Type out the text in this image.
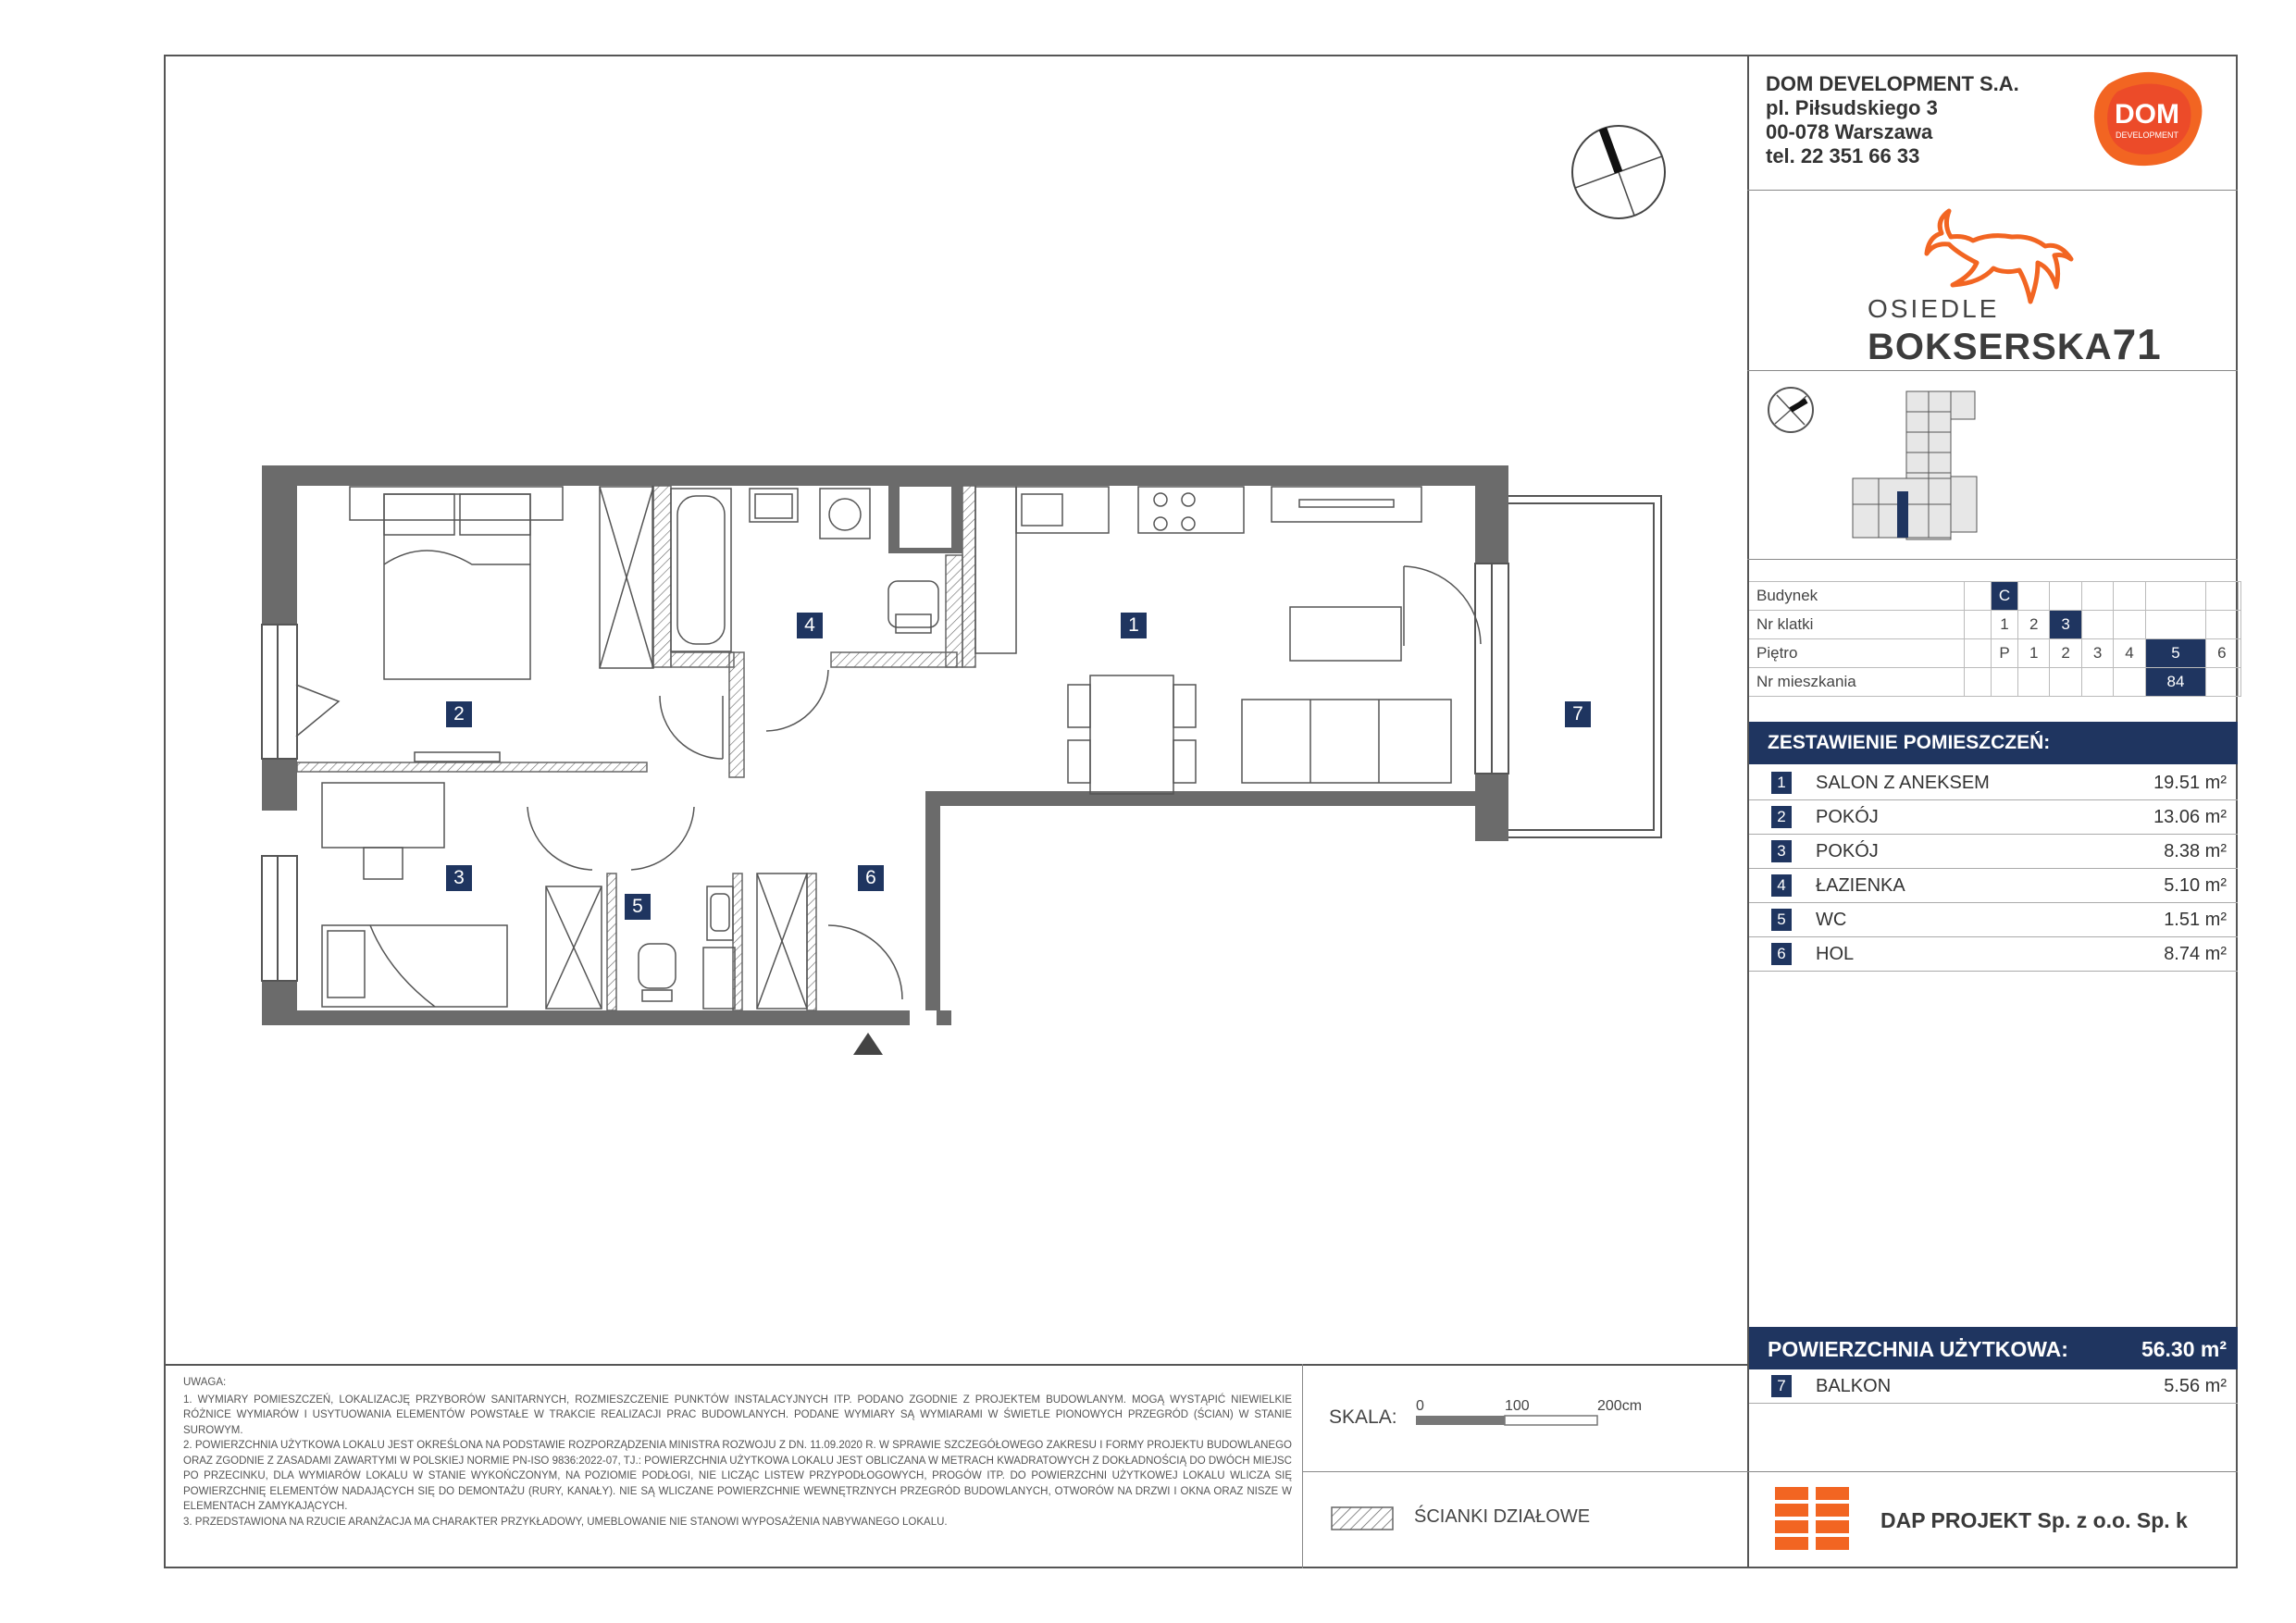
DOM DEVELOPMENT S.A.
pl. Piłsudskiego 3
00-078 Warszawa
tel. 22 351 66 33
DOM
DEVELOPMENT
OSIEDLE
BOKSERSKA71
Budynek		C							
Nr klatki		1	2	3					
Piętro		P	1	2	3	4	5	6	
Nr mieszkania							84		
ZESTAWIENIE POMIESZCZEŃ:
1	SALON Z ANEKSEM	19.51 m²
2	POKÓJ	13.06 m²
3	POKÓJ	8.38 m²
4	ŁAZIENKA	5.10 m²
5	WC	1.51 m²
6	HOL	8.74 m²
POWIERZCHNIA UŻYTKOWA:	56.30 m²
7	BALKON	5.56 m²
UWAGA:
1. WYMIARY POMIESZCZEŃ, LOKALIZACJĘ PRZYBORÓW SANITARNYCH, ROZMIESZCZENIE PUNKTÓW INSTALACYJNYCH ITP. PODANO ZGODNIE Z PROJEKTEM BUDOWLANYM. MOGĄ WYSTĄPIĆ NIEWIELKIE RÓŻNICE WYMIARÓW I USYTUOWANIA ELEMENTÓW POWSTAŁE W TRAKCIE REALIZACJI PRAC BUDOWLANYCH. PODANE WYMIARY SĄ WYMIARAMI W ŚWIETLE PIONOWYCH PRZEGRÓD (ŚCIAN) W STANIE SUROWYM.
2. POWIERZCHNIA UŻYTKOWA LOKALU JEST OKREŚLONA NA PODSTAWIE ROZPORZĄDZENIA MINISTRA ROZWOJU Z DN. 11.09.2020 R. W SPRAWIE SZCZEGÓŁOWEGO ZAKRESU I FORMY PROJEKTU BUDOWLANEGO ORAZ ZGODNIE Z ZASADAMI ZAWARTYMI W POLSKIEJ NORMIE PN-ISO 9836:2022-07, TJ.: POWIERZCHNIA UŻYTKOWA LOKALU JEST OBLICZANA W METRACH KWADRATOWYCH Z DOKŁADNOŚCIĄ DO DWÓCH MIEJSC PO PRZECINKU, DLA WYMIARÓW LOKALU W STANIE WYKOŃCZONYM, NA POZIOMIE PODŁOGI, NIE LICZĄC LISTEW PRZYPODŁOGOWYCH, PROGÓW ITP. DO POWIERZCHNI UŻYTKOWEJ LOKALU WLICZA SIĘ POWIERZCHNIĘ ELEMENTÓW NADAJĄCYCH SIĘ DO DEMONTAŻU (RURY, KANAŁY). NIE SĄ WLICZANE POWIERZCHNIE WEWNĘTRZNYCH PRZEGRÓD BUDOWLANYCH, OTWORÓW NA DRZWI I OKNA ORAZ NISZE W ELEMENTACH ZAMYKAJĄCYCH.
3. PRZEDSTAWIONA NA RZUCIE ARANŻACJA MA CHARAKTER PRZYKŁADOWY, UMEBLOWANIE NIE STANOWI WYPOSAŻENIA NABYWANEGO LOKALU.
SKALA:
0	100	200cm
ŚCIANKI DZIAŁOWE	DAP PROJEKT Sp. z o.o. Sp. k
1
2
3
4
5
6
7
